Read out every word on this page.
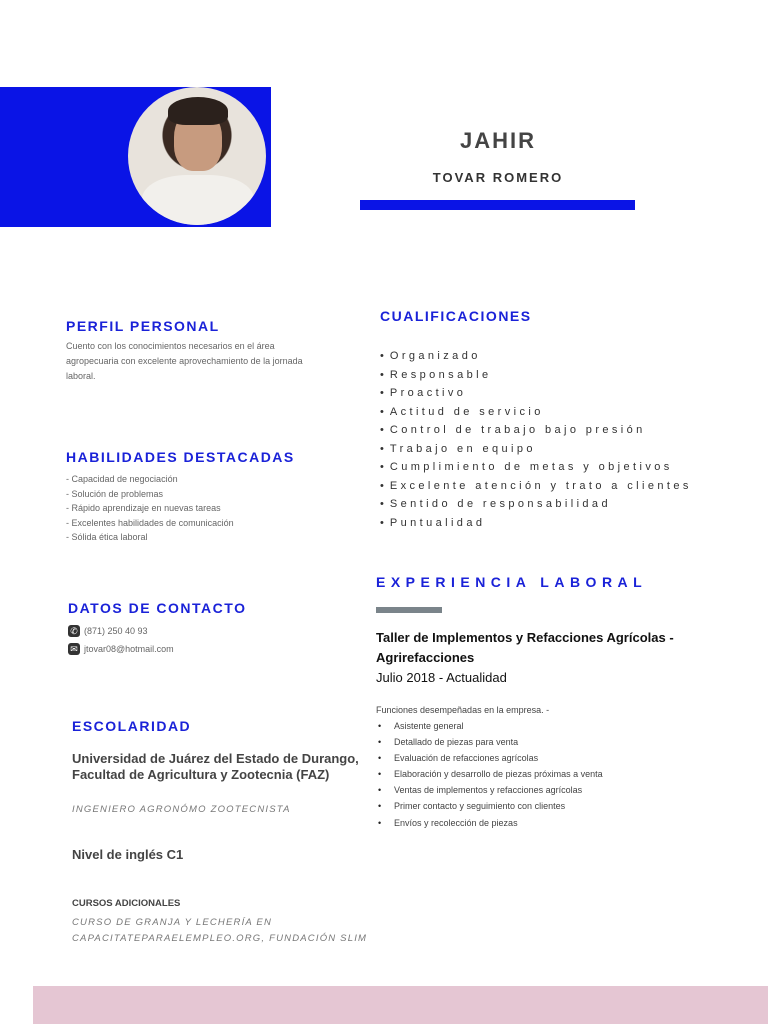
JAHIR
TOVAR ROMERO
PERFIL PERSONAL
Cuento con los conocimientos necesarios en el área agropecuaria con excelente aprovechamiento de la jornada laboral.
HABILIDADES DESTACADAS
- Capacidad de negociación
- Solución de problemas
- Rápido aprendizaje en nuevas tareas
- Excelentes habilidades de comunicación
- Sólida ética laboral
CUALIFICACIONES
• Organizado
• Responsable
• Proactivo
• Actitud de servicio
• Control de trabajo bajo presión
• Trabajo en equipo
• Cumplimiento de metas y objetivos
• Excelente atención y trato a clientes
• Sentido de responsabilidad
• Puntualidad
EXPERIENCIA LABORAL
Taller de Implementos y Refacciones Agrícolas - Agrirefacciones
Julio 2018 - Actualidad
Funciones desempeñadas en la empresa. -
• Asistente general
• Detallado de piezas para venta
• Evaluación de refacciones agrícolas
• Elaboración y desarrollo de piezas próximas a venta
• Ventas de implementos y refacciones agrícolas
• Primer contacto y seguimiento con clientes
• Envíos y recolección de piezas
DATOS DE CONTACTO
✆ (871) 250 40 93
✉ jtovar08@hotmail.com
ESCOLARIDAD
Universidad de Juárez del Estado de Durango, Facultad de Agricultura y Zootecnia (FAZ)
INGENIERO AGRONÓMO ZOOTECNISTA
Nivel de inglés C1
CURSOS ADICIONALES
CURSO DE GRANJA Y LECHERÍA EN CAPACITATEPARAELEMPLEO.ORG, FUNDACIÓN SLIM
